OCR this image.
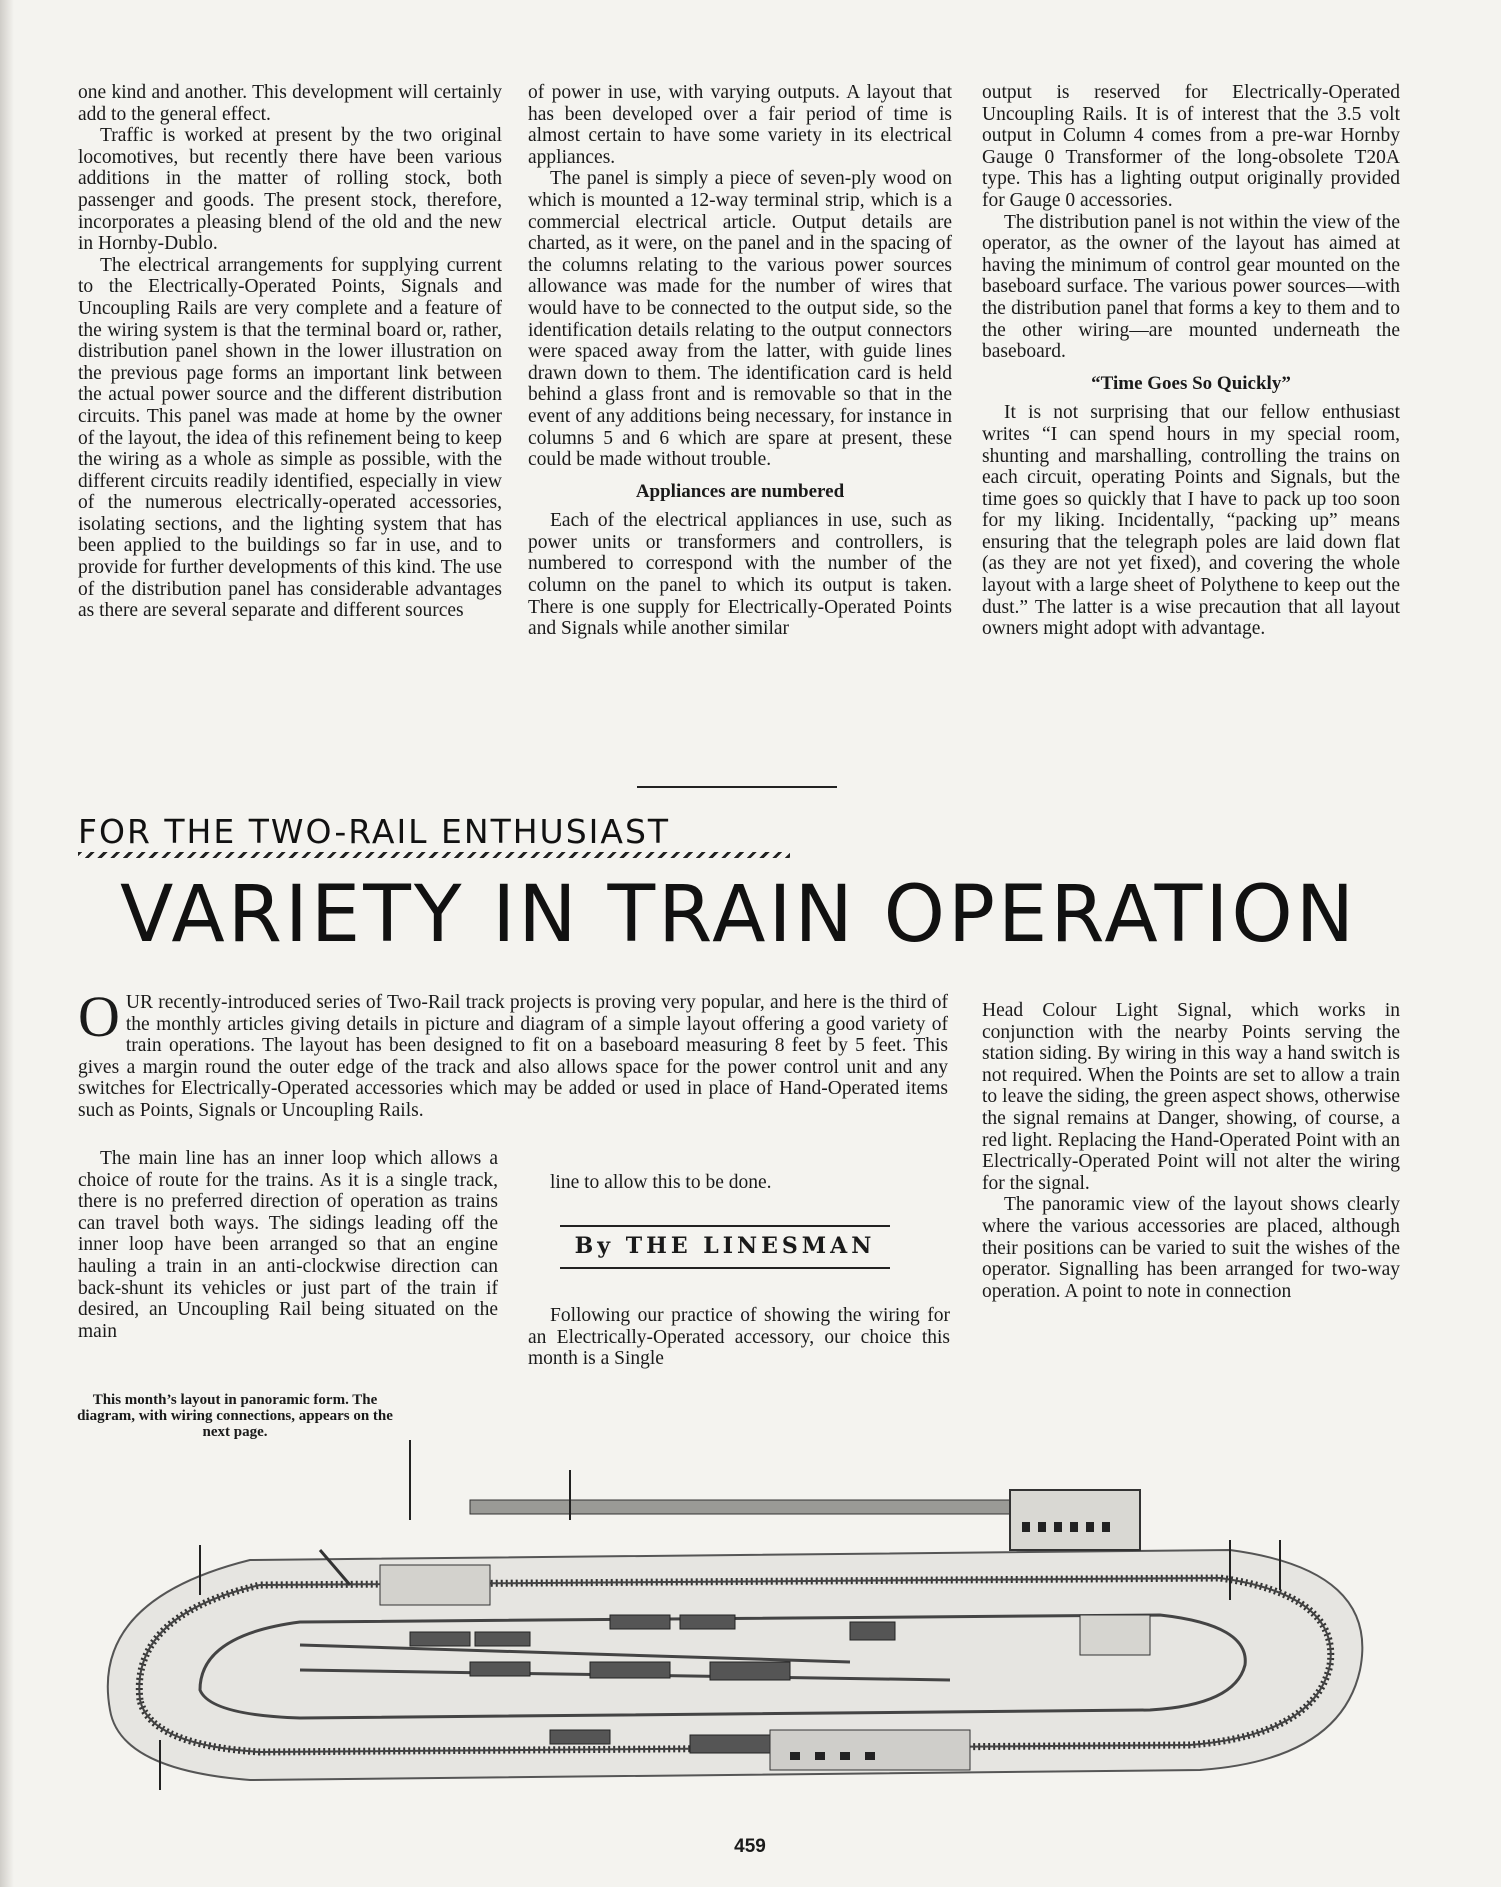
one kind and another. This development will certainly add to the general effect.

Traffic is worked at present by the two original locomotives, but recently there have been various additions in the matter of rolling stock, both passenger and goods. The present stock, therefore, incorporates a pleasing blend of the old and the new in Hornby-Dublo.

The electrical arrangements for supplying current to the Electrically-Operated Points, Signals and Uncoupling Rails are very complete and a feature of the wiring system is that the terminal board or, rather, distribution panel shown in the lower illustration on the previous page forms an important link between the actual power source and the different distribution circuits. This panel was made at home by the owner of the layout, the idea of this refinement being to keep the wiring as a whole as simple as possible, with the different circuits readily identified, especially in view of the numerous electrically-operated accessories, isolating sections, and the lighting system that has been applied to the buildings so far in use, and to provide for further developments of this kind. The use of the distribution panel has considerable advantages as there are several separate and different sources

of power in use, with varying outputs. A layout that has been developed over a fair period of time is almost certain to have some variety in its electrical appliances.

The panel is simply a piece of seven-ply wood on which is mounted a 12-way terminal strip, which is a commercial electrical article. Output details are charted, as it were, on the panel and in the spacing of the columns relating to the various power sources allowance was made for the number of wires that would have to be connected to the output side, so the identification details relating to the output connectors were spaced away from the latter, with guide lines drawn down to them. The identification card is held behind a glass front and is removable so that in the event of any additions being necessary, for instance in columns 5 and 6 which are spare at present, these could be made without trouble.

Appliances are numbered

Each of the electrical appliances in use, such as power units or transformers and controllers, is numbered to correspond with the number of the column on the panel to which its output is taken. There is one supply for Electrically-Operated Points and Signals while another similar

output is reserved for Electrically-Operated Uncoupling Rails. It is of interest that the 3.5 volt output in Column 4 comes from a pre-war Hornby Gauge 0 Transformer of the long-obsolete T20A type. This has a lighting output originally provided for Gauge 0 accessories.

The distribution panel is not within the view of the operator, as the owner of the layout has aimed at having the minimum of control gear mounted on the baseboard surface. The various power sources—with the distribution panel that forms a key to them and to the other wiring—are mounted underneath the baseboard.

“Time Goes So Quickly”

It is not surprising that our fellow enthusiast writes “I can spend hours in my special room, shunting and marshalling, controlling the trains on each circuit, operating Points and Signals, but the time goes so quickly that I have to pack up too soon for my liking. Incidentally, “packing up” means ensuring that the telegraph poles are laid down flat (as they are not yet fixed), and covering the whole layout with a large sheet of Polythene to keep out the dust.” The latter is a wise precaution that all layout owners might adopt with advantage.

FOR THE TWO-RAIL ENTHUSIAST
VARIETY IN TRAIN OPERATION
O UR recently-introduced series of Two-Rail track projects is proving very popular, and here is the third of the monthly articles giving details in picture and diagram of a simple layout offering a good variety of train operations. The layout has been designed to fit on a baseboard measuring 8 feet by 5 feet. This gives a margin round the outer edge of the track and also allows space for the power control unit and any switches for Electrically-Operated accessories which may be added or used in place of Hand-Operated items such as Points, Signals or Uncoupling Rails.

The main line has an inner loop which allows a choice of route for the trains. As it is a single track, there is no preferred direction of operation as trains can travel both ways. The sidings leading off the inner loop have been arranged so that an engine hauling a train in an anti-clockwise direction can back-shunt its vehicles or just part of the train if desired, an Uncoupling Rail being situated on the main

line to allow this to be done.

By THE LINESMAN

Following our practice of showing the wiring for an Electrically-Operated accessory, our choice this month is a Single

Head Colour Light Signal, which works in conjunction with the nearby Points serving the station siding. By wiring in this way a hand switch is not required. When the Points are set to allow a train to leave the siding, the green aspect shows, otherwise the signal remains at Danger, showing, of course, a red light. Replacing the Hand-Operated Point with an Electrically-Operated Point will not alter the wiring for the signal.

The panoramic view of the layout shows clearly where the various accessories are placed, although their positions can be varied to suit the wishes of the operator. Signalling has been arranged for two-way operation. A point to note in connection

This month’s layout in panoramic form. The diagram, with wiring connections, appears on the next page.
459
